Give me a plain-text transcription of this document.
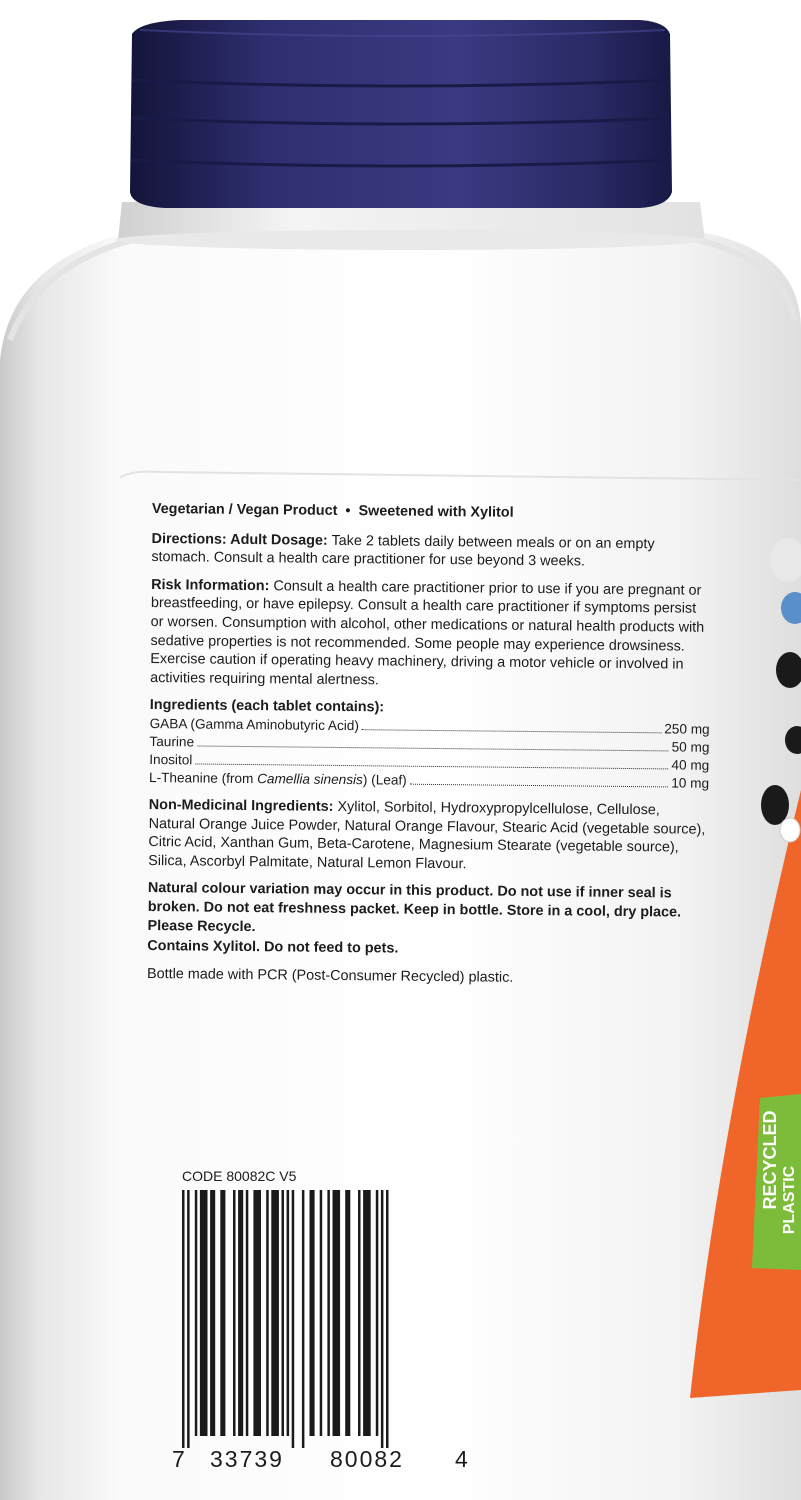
RECYCLED PLASTIC

Vegetarian / Vegan Product • Sweetened with Xylitol

Directions: Adult Dosage: Take 2 tablets daily between meals or on an empty stomach. Consult a health care practitioner for use beyond 3 weeks.

Risk Information: Consult a health care practitioner prior to use if you are pregnant or breastfeeding, or have epilepsy. Consult a health care practitioner if symptoms persist or worsen. Consumption with alcohol, other medications or natural health products with sedative properties is not recommended. Some people may experience drowsiness. Exercise caution if operating heavy machinery, driving a motor vehicle or involved in activities requiring mental alertness.

Ingredients (each tablet contains):
GABA (Gamma Aminobutyric Acid)	250 mg
Taurine	50 mg
Inositol	40 mg
L-Theanine (from Camellia sinensis) (Leaf)	10 mg

Non-Medicinal Ingredients: Xylitol, Sorbitol, Hydroxypropylcellulose, Cellulose, Natural Orange Juice Powder, Natural Orange Flavour, Stearic Acid (vegetable source), Citric Acid, Xanthan Gum, Beta-Carotene, Magnesium Stearate (vegetable source), Silica, Ascorbyl Palmitate, Natural Lemon Flavour.

Natural colour variation may occur in this product. Do not use if inner seal is broken. Do not eat freshness packet. Keep in bottle. Store in a cool, dry place. Please Recycle.

Contains Xylitol. Do not feed to pets.

Bottle made with PCR (Post-Consumer Recycled) plastic.

CODE 80082C V5
7 33739 80082 4
